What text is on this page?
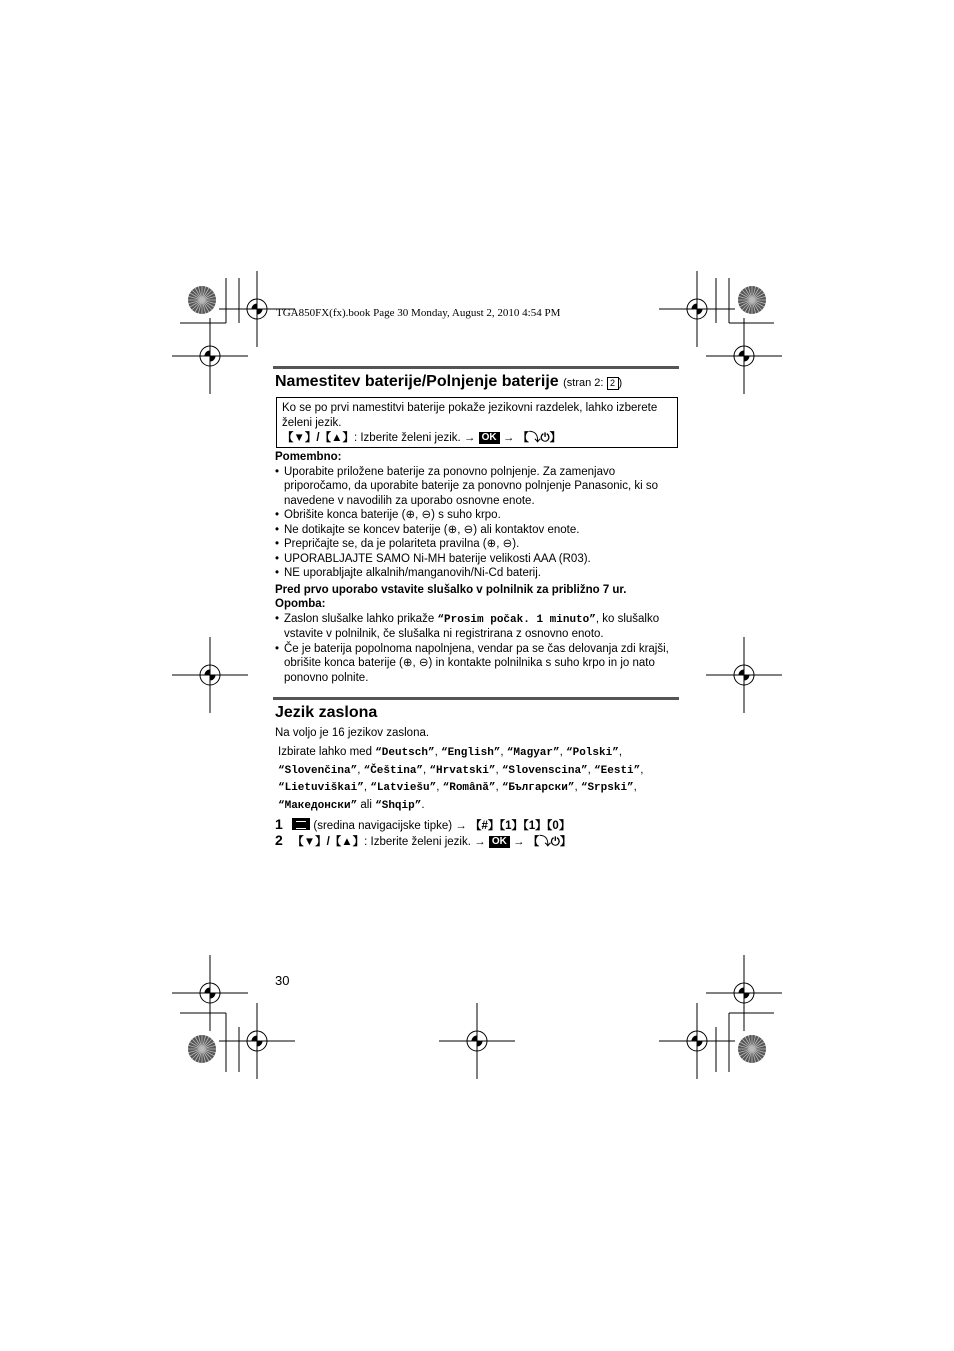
TGA850FX(fx).book Page 30 Monday, August 2, 2010 4:54 PM
Namestitev baterije/Polnjenje baterije (stran 2: 2 )
Ko se po prvi namestitvi baterije pokaže jezikovni razdelek, lahko izberete
želeni jezik.
【▼】/【▲】: Izberite želeni jezik. → OK → 【⤵⏻】
Pomembno:
• Uporabite priložene baterije za ponovno polnjenje. Za zamenjavo priporočamo, da uporabite baterije za ponovno polnjenje Panasonic, ki so navedene v navodilih za uporabo osnovne enote.
• Obrišite konca baterije (⊕, ⊖) s suho krpo.
• Ne dotikajte se koncev baterije (⊕, ⊖) ali kontaktov enote.
• Prepričajte se, da je polariteta pravilna (⊕, ⊖).
• UPORABLJAJTE SAMO Ni-MH baterije velikosti AAA (R03).
• NE uporabljajte alkalnih/manganovih/Ni-Cd baterij.
Pred prvo uporabo vstavite slušalko v polnilnik za približno 7 ur.
Opomba:
• Zaslon slušalke lahko prikaže “Prosim počak. 1 minuto”, ko slušalko vstavite v polnilnik, če slušalka ni registrirana z osnovno enoto.
• Če je baterija popolnoma napolnjena, vendar pa se čas delovanja zdi krajši, obrišite konca baterije (⊕, ⊖) in kontakte polnilnika s suho krpo in jo nato ponovno polnite.
Jezik zaslona
Na voljo je 16 jezikov zaslona.
Izbirate lahko med “Deutsch”, “English”, “Magyar”, “Polski”, “Slovenčina”, “Čeština”, “Hrvatski”, “Slovenscina”, “Eesti”, “Lietuviškai”, “Latviešu”, “Română”, “Български”, “Srpski”, “Македонски” ali “Shqip”.
1  (sredina navigacijske tipke) → 【#】【1】【1】【0】
2 【▼】/【▲】: Izberite želeni jezik. → OK → 【⤵⏻】
30
